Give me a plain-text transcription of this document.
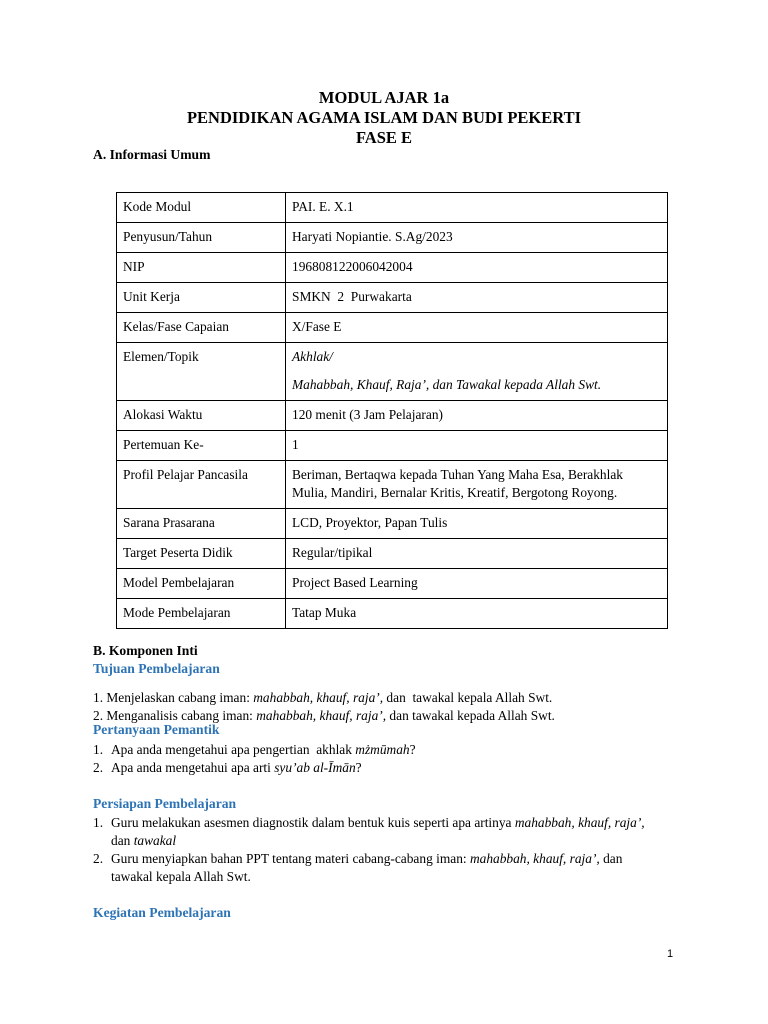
MODUL AJAR 1a
PENDIDIKAN AGAMA ISLAM DAN BUDI PEKERTI
FASE E
A. Informasi Umum
Kode Modul	PAI. E. X.1
Penyusun/Tahun	Haryati Nopiantie. S.Ag/2023
NIP	196808122006042004
Unit Kerja	SMKN  2  Purwakarta
Kelas/Fase Capaian	X/Fase E
Elemen/Topik	Akhlak/
Mahabbah, Khauf, Raja’, dan Tawakal kepada Allah Swt.

Alokasi Waktu	120 menit (3 Jam Pelajaran)
Pertemuan Ke-	1
Profil Pelajar Pancasila	Beriman, Bertaqwa kepada Tuhan Yang Maha Esa, Berakhlak Mulia, Mandiri, Bernalar Kritis, Kreatif, Bergotong Royong.
Sarana Prasarana	LCD, Proyektor, Papan Tulis
Target Peserta Didik	Regular/tipikal
Model Pembelajaran	Project Based Learning
Mode Pembelajaran	Tatap Muka
B. Komponen Inti
Tujuan Pembelajaran
1. Menjelaskan cabang iman: mahabbah, khauf, raja’, dan  tawakal kepala Allah Swt.
2. Menganalisis cabang iman: mahabbah, khauf, raja’, dan tawakal kepada Allah Swt.
Pertanyaan Pemantik
1. Apa anda mengetahui apa pengertian  akhlak mżmūmah?
2. Apa anda mengetahui apa arti syu’ab al-Īmān?
Persiapan Pembelajaran
1. Guru melakukan asesmen diagnostik dalam bentuk kuis seperti apa artinya mahabbah, khauf, raja’, dan tawakal
2. Guru menyiapkan bahan PPT tentang materi cabang-cabang iman: mahabbah, khauf, raja’, dan  tawakal kepala Allah Swt.
Kegiatan Pembelajaran
1
